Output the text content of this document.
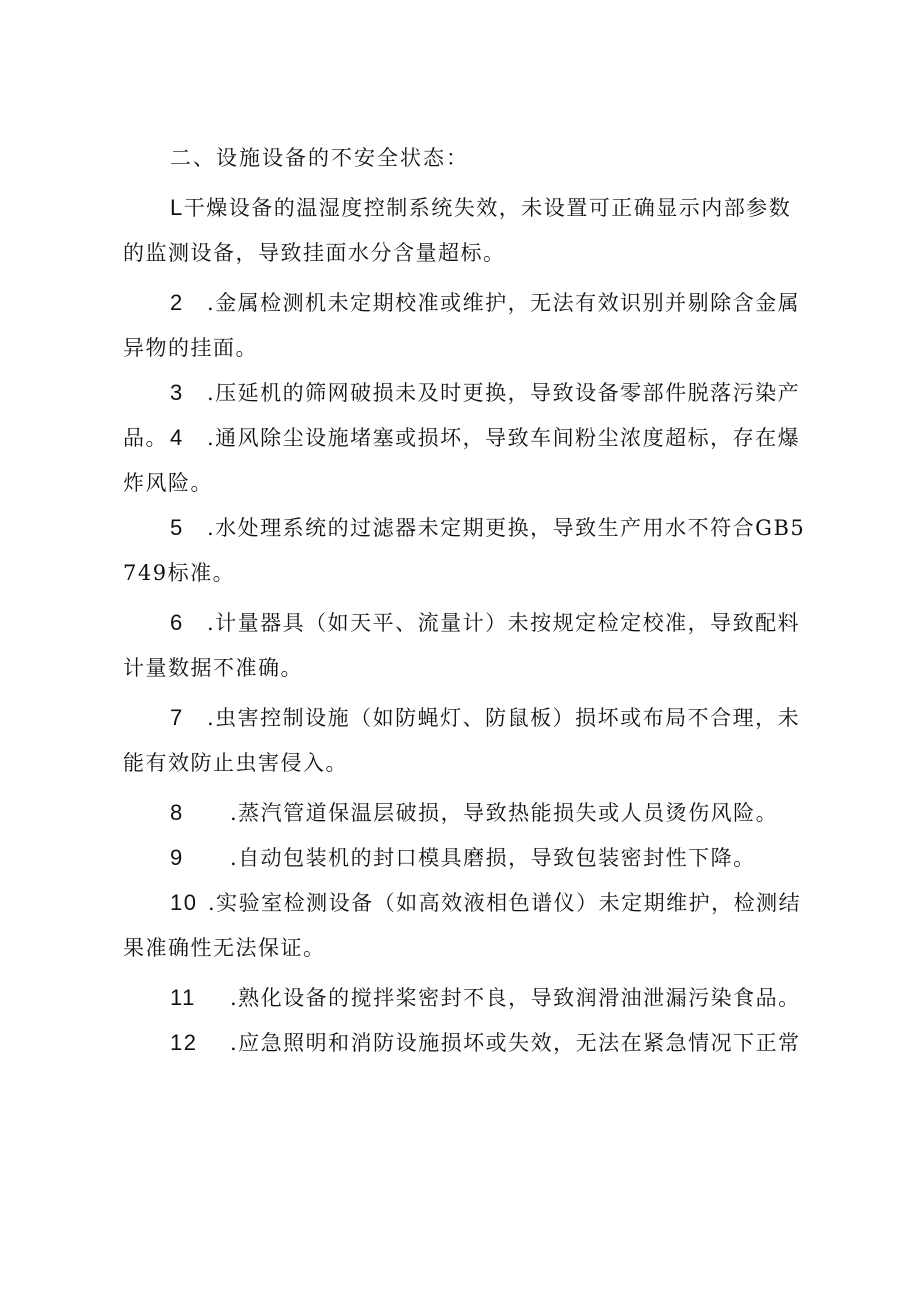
二、设施设备的不安全状态：
L干燥设备的温湿度控制系统失效，未设置可正确显示内部参数的监测设备，导致挂面水分含量超标。
2 .金属检测机未定期校准或维护，无法有效识别并剔除含金属异物的挂面。
3 .压延机的筛网破损未及时更换，导致设备零部件脱落污染产品。 4 .通风除尘设施堵塞或损坏，导致车间粉尘浓度超标，存在爆炸风险。
5 .水处理系统的过滤器未定期更换，导致生产用水不符合GB5749标准。
6 .计量器具（如天平、流量计）未按规定检定校准，导致配料计量数据不准确。
7 .虫害控制设施（如防蝇灯、防鼠板）损坏或布局不合理，未能有效防止虫害侵入。
8 .蒸汽管道保温层破损，导致热能损失或人员烫伤风险。
9 .自动包装机的封口模具磨损，导致包装密封性下降。
10 .实验室检测设备（如高效液相色谱仪）未定期维护，检测结果准确性无法保证。
11 .熟化设备的搅拌桨密封不良，导致润滑油泄漏污染食品。
12 .应急照明和消防设施损坏或失效，无法在紧急情况下正常
